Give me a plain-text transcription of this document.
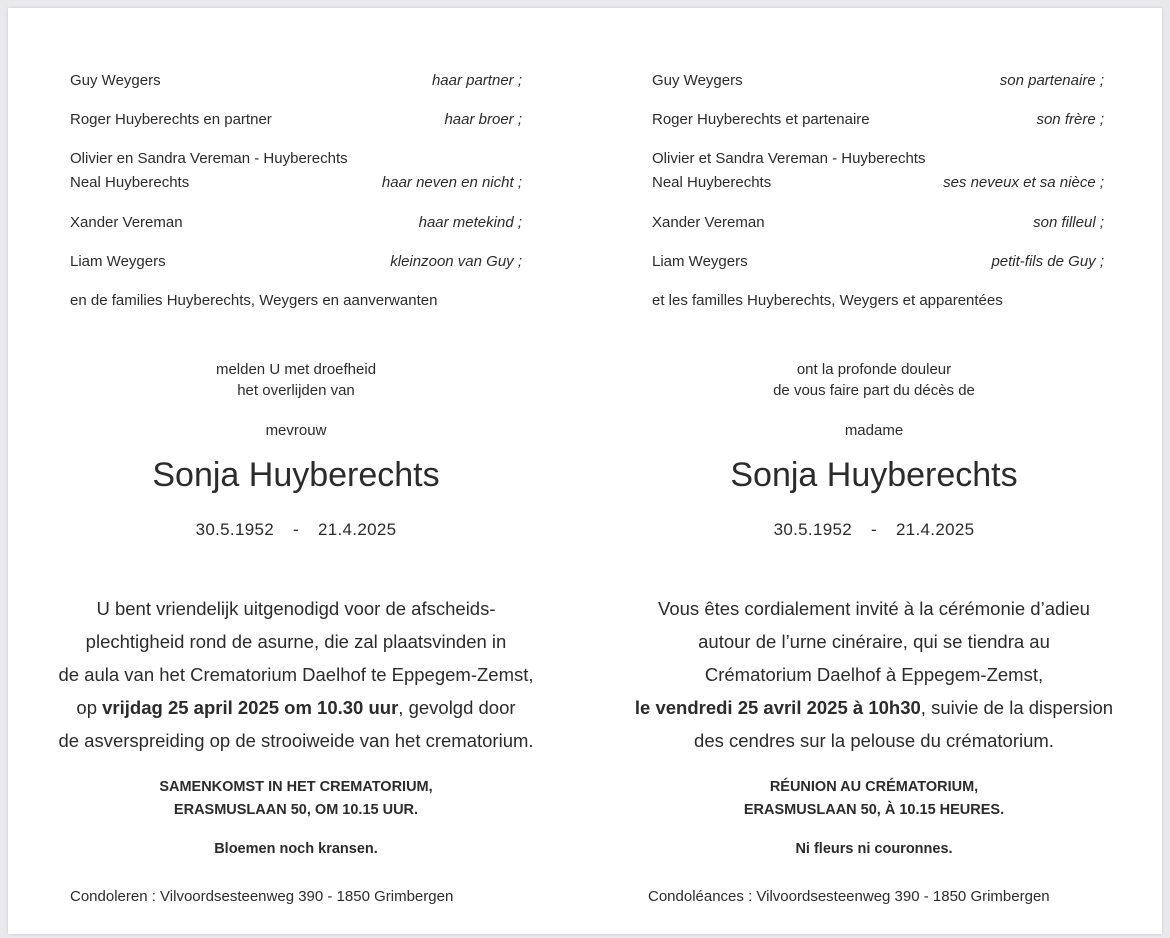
Guy Weygers	haar partner ;
Roger Huyberechts en partner	haar broer ;
Olivier en Sandra Vereman - Huyberechts
Neal Huyberechts	haar neven en nicht ;
Xander Vereman	haar metekind ;
Liam Weygers	kleinzoon van Guy ;
en de families Huyberechts, Weygers en aanverwanten
melden U met droefheid
het overlijden van
mevrouw
Sonja Huyberechts
30.5.1952 - 21.4.2025
U bent vriendelijk uitgenodigd voor de afscheids-
plechtigheid rond de asurne, die zal plaatsvinden in
de aula van het Crematorium Daelhof te Eppegem-Zemst,
op vrijdag 25 april 2025 om 10.30 uur, gevolgd door
de asverspreiding op de strooiweide van het crematorium.
SAMENKOMST IN HET CREMATORIUM,
ERASMUSLAAN 50, OM 10.15 UUR.
Bloemen noch kransen.
Condoleren : Vilvoordsesteenweg 390 - 1850 Grimbergen
Guy Weygers	son partenaire ;
Roger Huyberechts et partenaire	son frère ;
Olivier et Sandra Vereman - Huyberechts
Neal Huyberechts	ses neveux et sa nièce ;
Xander Vereman	son filleul ;
Liam Weygers	petit-fils de Guy ;
et les familles Huyberechts, Weygers et apparentées
ont la profonde douleur
de vous faire part du décès de
madame
Sonja Huyberechts
30.5.1952 - 21.4.2025
Vous êtes cordialement invité à la cérémonie d’adieu
autour de l’urne cinéraire, qui se tiendra au
Crématorium Daelhof à Eppegem-Zemst,
le vendredi 25 avril 2025 à 10h30, suivie de la dispersion
des cendres sur la pelouse du crématorium.
RÉUNION AU CRÉMATORIUM,
ERASMUSLAAN 50, À 10.15 HEURES.
Ni fleurs ni couronnes.
Condoléances : Vilvoordsesteenweg 390 - 1850 Grimbergen
